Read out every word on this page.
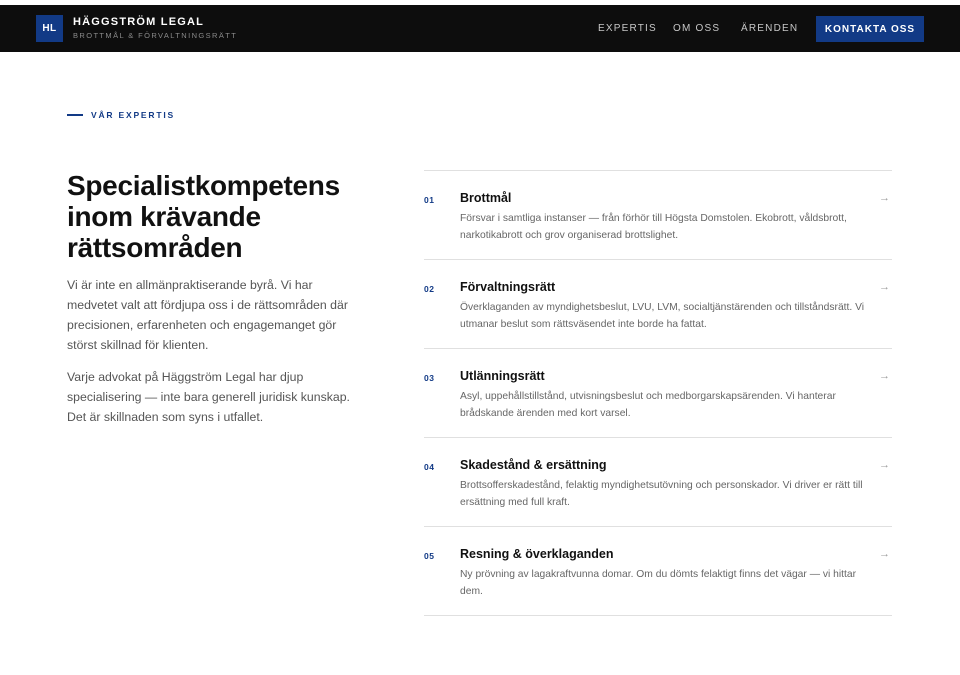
HL
HÄGGSTRÖM LEGAL
BROTTMÅL & FÖRVALTNINGSRÄTT
EXPERTIS OM OSS ÄRENDEN	KONTAKTA OSS
VÅR EXPERTIS
Specialistkompetens inom krävande rättsområden

Vi är inte en allmänpraktiserande byrå. Vi har medvetet valt att fördjupa oss i de rättsområden där precisionen, erfarenheten och engagemanget gör störst skillnad för klienten.

Varje advokat på Häggström Legal har djup specialisering — inte bara generell juridisk kunskap. Det är skillnaden som syns i utfallet.

01 Brottmål
Försvar i samtliga instanser — från förhör till Högsta Domstolen. Ekobrott, våldsbrott, narkotikabrott och grov organiserad brottslighet.
→
02 Förvaltningsrätt
Överklaganden av myndighetsbeslut, LVU, LVM, socialtjänstärenden och tillståndsrätt. Vi utmanar beslut som rättsväsendet inte borde ha fattat.
→
03 Utlänningsrätt
Asyl, uppehållstillstånd, utvisningsbeslut och medborgarskapsärenden. Vi hanterar brådskande ärenden med kort varsel.
→
04 Skadestånd & ersättning
Brottsofferskadestånd, felaktig myndighetsutövning och personskador. Vi driver er rätt till ersättning med full kraft.
→
05 Resning & överklaganden
Ny prövning av lagakraftvunna domar. Om du dömts felaktigt finns det vägar — vi hittar dem.
→
